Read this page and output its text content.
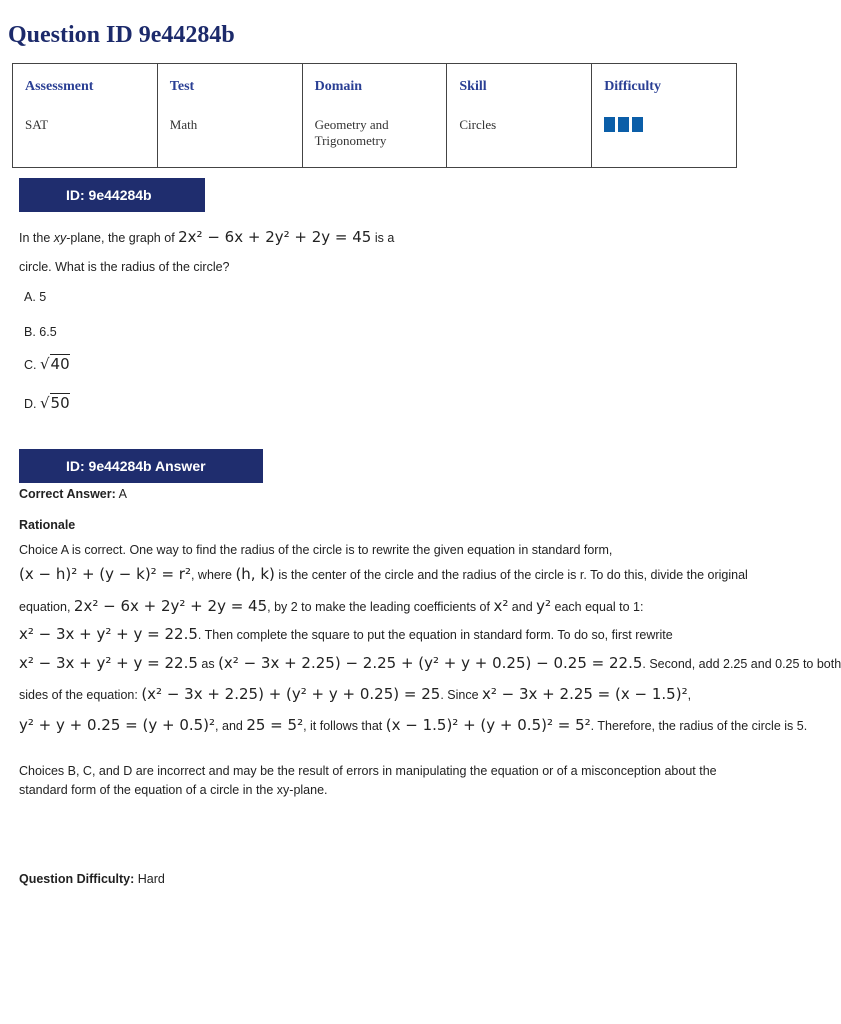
Question ID 9e44284b
Assessment
SAT

Test
Math

Domain
Geometry and Trigonometry

Skill
Circles

Difficulty
ID: 9e44284b
In the xy-plane, the graph of 2x² − 6x + 2y² + 2y = 45 is a
circle. What is the radius of the circle?
A. 5
B. 6.5
C. √40
D. √50
ID: 9e44284b Answer
Correct Answer: A
Rationale
Choice A is correct. One way to find the radius of the circle is to rewrite the given equation in standard form,
(x − h)² + (y − k)² = r², where (h, k) is the center of the circle and the radius of the circle is r. To do this, divide the original
equation, 2x² − 6x + 2y² + 2y = 45, by 2 to make the leading coefficients of x² and y² each equal to 1:
x² − 3x + y² + y = 22.5. Then complete the square to put the equation in standard form. To do so, first rewrite
x² − 3x + y² + y = 22.5 as (x² − 3x + 2.25) − 2.25 + (y² + y + 0.25) − 0.25 = 22.5. Second, add 2.25 and 0.25 to both
sides of the equation: (x² − 3x + 2.25) + (y² + y + 0.25) = 25. Since x² − 3x + 2.25 = (x − 1.5)²,
y² + y + 0.25 = (y + 0.5)², and 25 = 5², it follows that (x − 1.5)² + (y + 0.5)² = 5². Therefore, the radius of the circle is 5.
Choices B, C, and D are incorrect and may be the result of errors in manipulating the equation or of a misconception about the standard form of the equation of a circle in the xy-plane.
Question Difficulty: Hard
